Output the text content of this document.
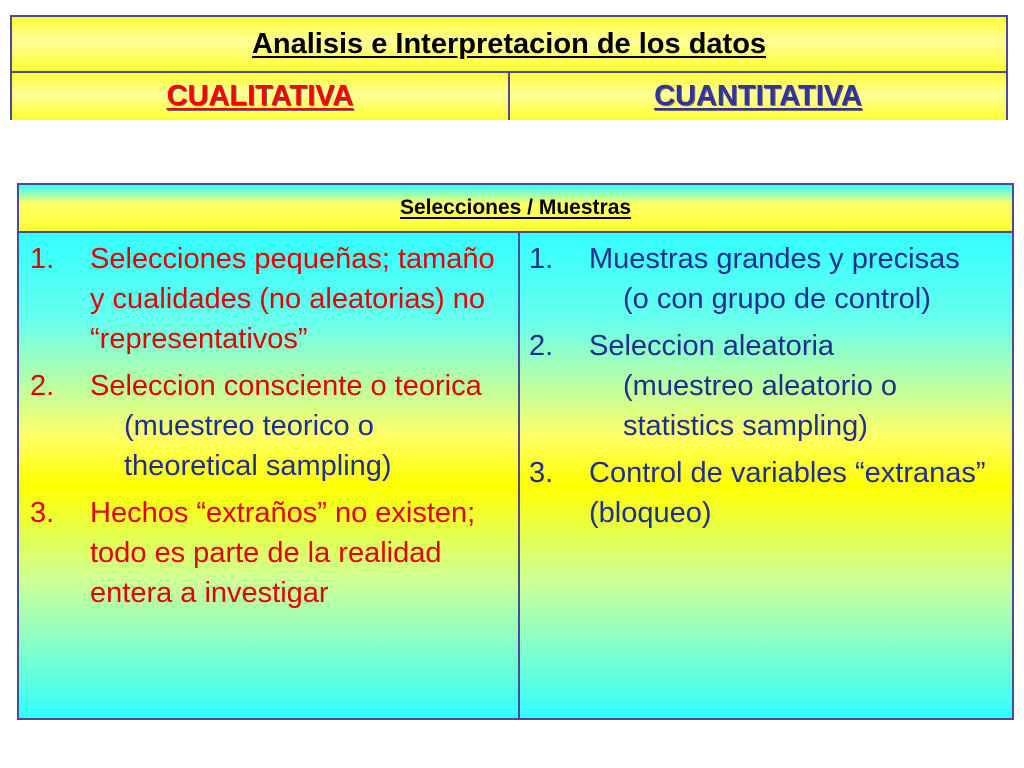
Analisis e Interpretacion de los datos
CUALITATIVA	CUANTITATIVA
Selecciones / Muestras
1.	Selecciones pequeñas; tamaño y cualidades (no aleatorias) no “representativos”
2.	Seleccion consciente o teorica
(muestreo teorico o theoretical sampling)
3.	Hechos “extraños” no existen; todo es parte de la realidad entera a investigar
1.	Muestras grandes y precisas
(o con grupo de control)
2.	Seleccion aleatoria
(muestreo aleatorio o statistics sampling)
3.	Control de variables “extranas” (bloqueo)
